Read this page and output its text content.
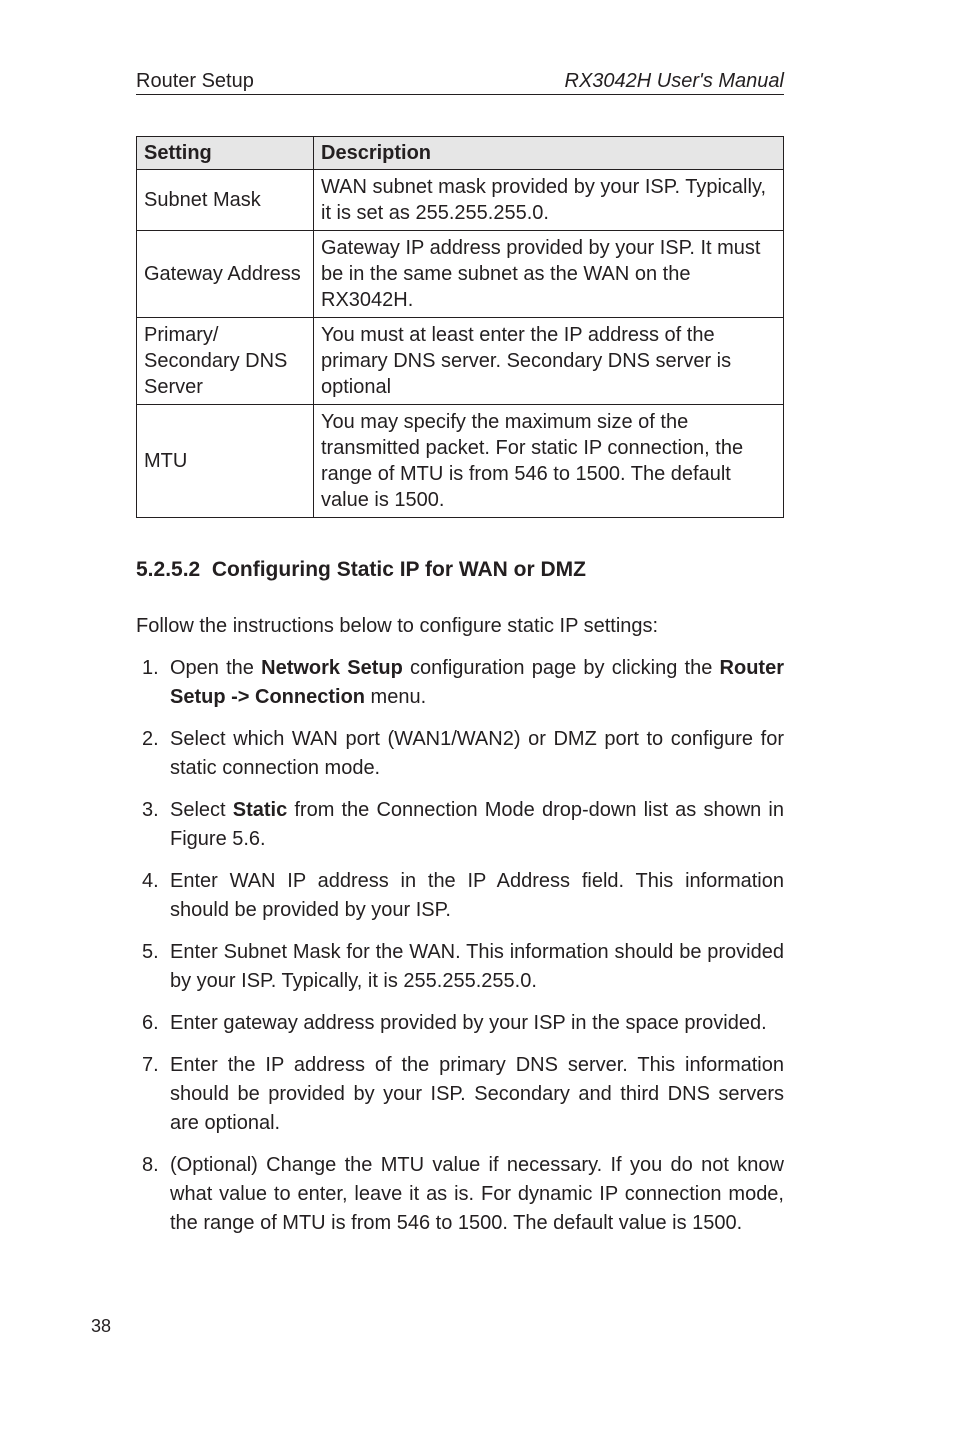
Router Setup	RX3042H User's Manual
Setting	Description
Subnet Mask	WAN subnet mask provided by your ISP. Typically, it is set as 255.255.255.0.
Gateway Address	Gateway IP address provided by your ISP. It must be in the same subnet as the WAN on the RX3042H.
Primary/ Secondary DNS Server	You must at least enter the IP address of the primary DNS server. Secondary DNS server is optional
MTU	You may specify the maximum size of the transmitted packet. For static IP connection, the range of MTU is from 546 to 1500. The default value is 1500.
5.2.5.2  Configuring Static IP for WAN or DMZ
Follow the instructions below to configure static IP settings:
1. Open the Network Setup configuration page by clicking the Router Setup -> Connection menu.
2. Select which WAN port (WAN1/WAN2) or DMZ port to configure for static connection mode.
3. Select Static from the Connection Mode drop-down list as shown in Figure 5.6.
4. Enter WAN IP address in the IP Address field. This information should be provided by your ISP.
5. Enter Subnet Mask for the WAN. This information should be provided by your ISP. Typically, it is 255.255.255.0.
6. Enter gateway address provided by your ISP in the space provided.
7. Enter the IP address of the primary DNS server. This information should be provided by your ISP. Secondary and third DNS servers are optional.
8. (Optional) Change the MTU value if necessary. If you do not know what value to enter, leave it as is. For dynamic IP connection mode, the range of MTU is from 546 to 1500. The default value is 1500.
38
